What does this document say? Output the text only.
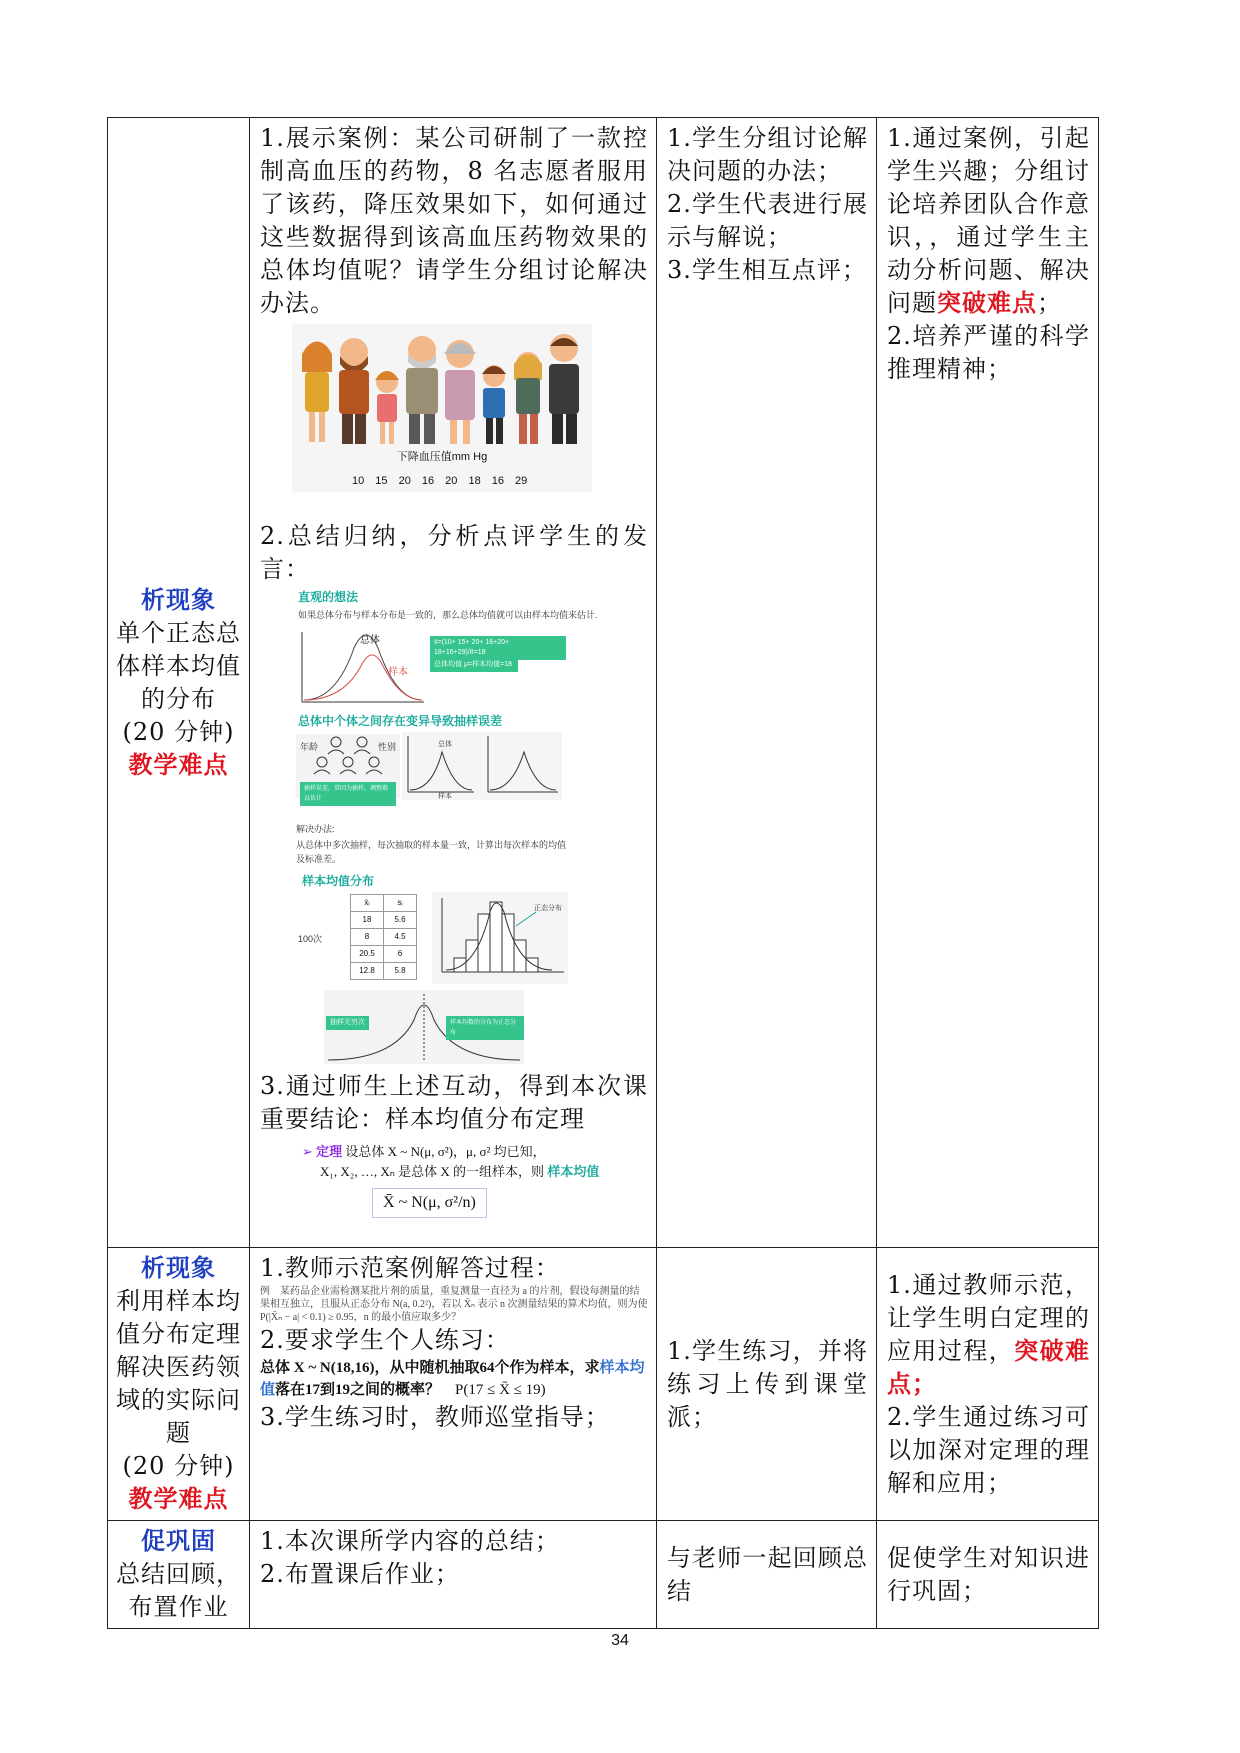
析现象
单个正态总
体样本均值
的分布
(20 分钟)
教学难点

1.展示案例：某公司研制了一款控制高血压的药物，8 名志愿者服用了该药，降压效果如下，如何通过这些数据得到该高血压药物效果的总体均值呢？请学生分组讨论解决办法。
下降血压值mm Hg
10 15 20 16 20 18 16 29
2.总结归纳，分析点评学生的发言：
直观的想法
如果总体分布与样本分布是一致的，那么总体均值就可以由样本均值来估计.
总体
样本
x̄=(10+ 15+ 20+ 16+20+ 18+16+29)/8=18
总体均值 μ=样本均值=18
总体中个体之间存在变异导致抽样误差
年龄	性别
抽样误差，常因为抽样，调整难以估计
总体
样本
解决办法:
从总体中多次抽样，每次抽取的样本量一致，计算出每次样本的均值及标准差。
样本均值分布
100次
x̄ᵢ	sᵢ
18	5.6
8	4.5
20.5	6
12.8	5.8
正态分布
抽样无穷次	样本均数的分布为正态分布
3.通过师生上述互动，得到本次课重要结论：样本均值分布定理
➢ 定理 设总体 X ~ N(μ, σ²)，μ, σ² 均已知，
X₁, X₂, …, Xₙ 是总体 X 的一组样本，则 样本均值
X̄ ~ N(μ, σ²/n)

1.学生分组讨论解决问题的办法；
2.学生代表进行展示与解说；
3.学生相互点评；

1.通过案例，引起学生兴趣；分组讨论培养团队合作意识，，通过学生主动分析问题、解决问题突破难点；
2.培养严谨的科学推理精神；

析现象
利用样本均
值分布定理
解决医药领
域的实际问
题
(20 分钟)
教学难点

1.教师示范案例解答过程：
例　某药品企业需检测某批片剂的质量，重复测量一直径为 a 的片剂，假设每测量的结果相互独立，且服从正态分布 N(a, 0.2²)，若以 X̄ₙ 表示 n 次测量结果的算术均值，则为使 P(|X̄ₙ − a| < 0.1) ≥ 0.95，n 的最小值应取多少？
2.要求学生个人练习：
总体 X ~ N(18,16)，从中随机抽取64个作为样本，求样本均值落在17到19之间的概率？ P(17 ≤ X̄ ≤ 19)
3.学生练习时，教师巡堂指导；

1.学生练习，并将练习上传到课堂派；

1.通过教师示范，让学生明白定理的应用过程，突破难点；
2.学生通过练习可以加深对定理的理解和应用；

促巩固
总结回顾，
布置作业

1.本次课所学内容的总结；
2.布置课后作业；

与老师一起回顾总结

促使学生对知识进行巩固；
34
